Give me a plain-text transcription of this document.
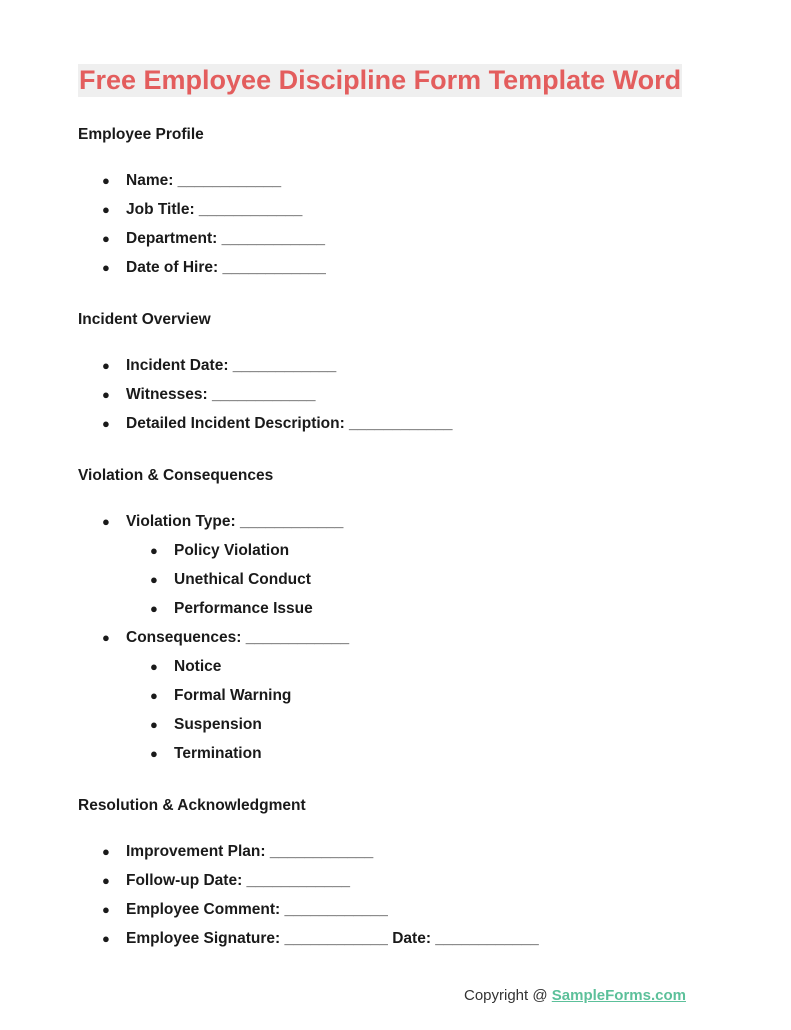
Free Employee Discipline Form Template Word
Employee Profile
● Name: ____________
● Job Title: ____________
● Department: ____________
● Date of Hire: ____________
Incident Overview
● Incident Date: ____________
● Witnesses: ____________
● Detailed Incident Description: ____________
Violation & Consequences
● Violation Type: ____________
● Policy Violation
● Unethical Conduct
● Performance Issue
● Consequences: ____________
● Notice
● Formal Warning
● Suspension
● Termination
Resolution & Acknowledgment
● Improvement Plan: ____________
● Follow-up Date: ____________
● Employee Comment: ____________
● Employee Signature: ____________ Date: ____________
Copyright @ SampleForms.com
